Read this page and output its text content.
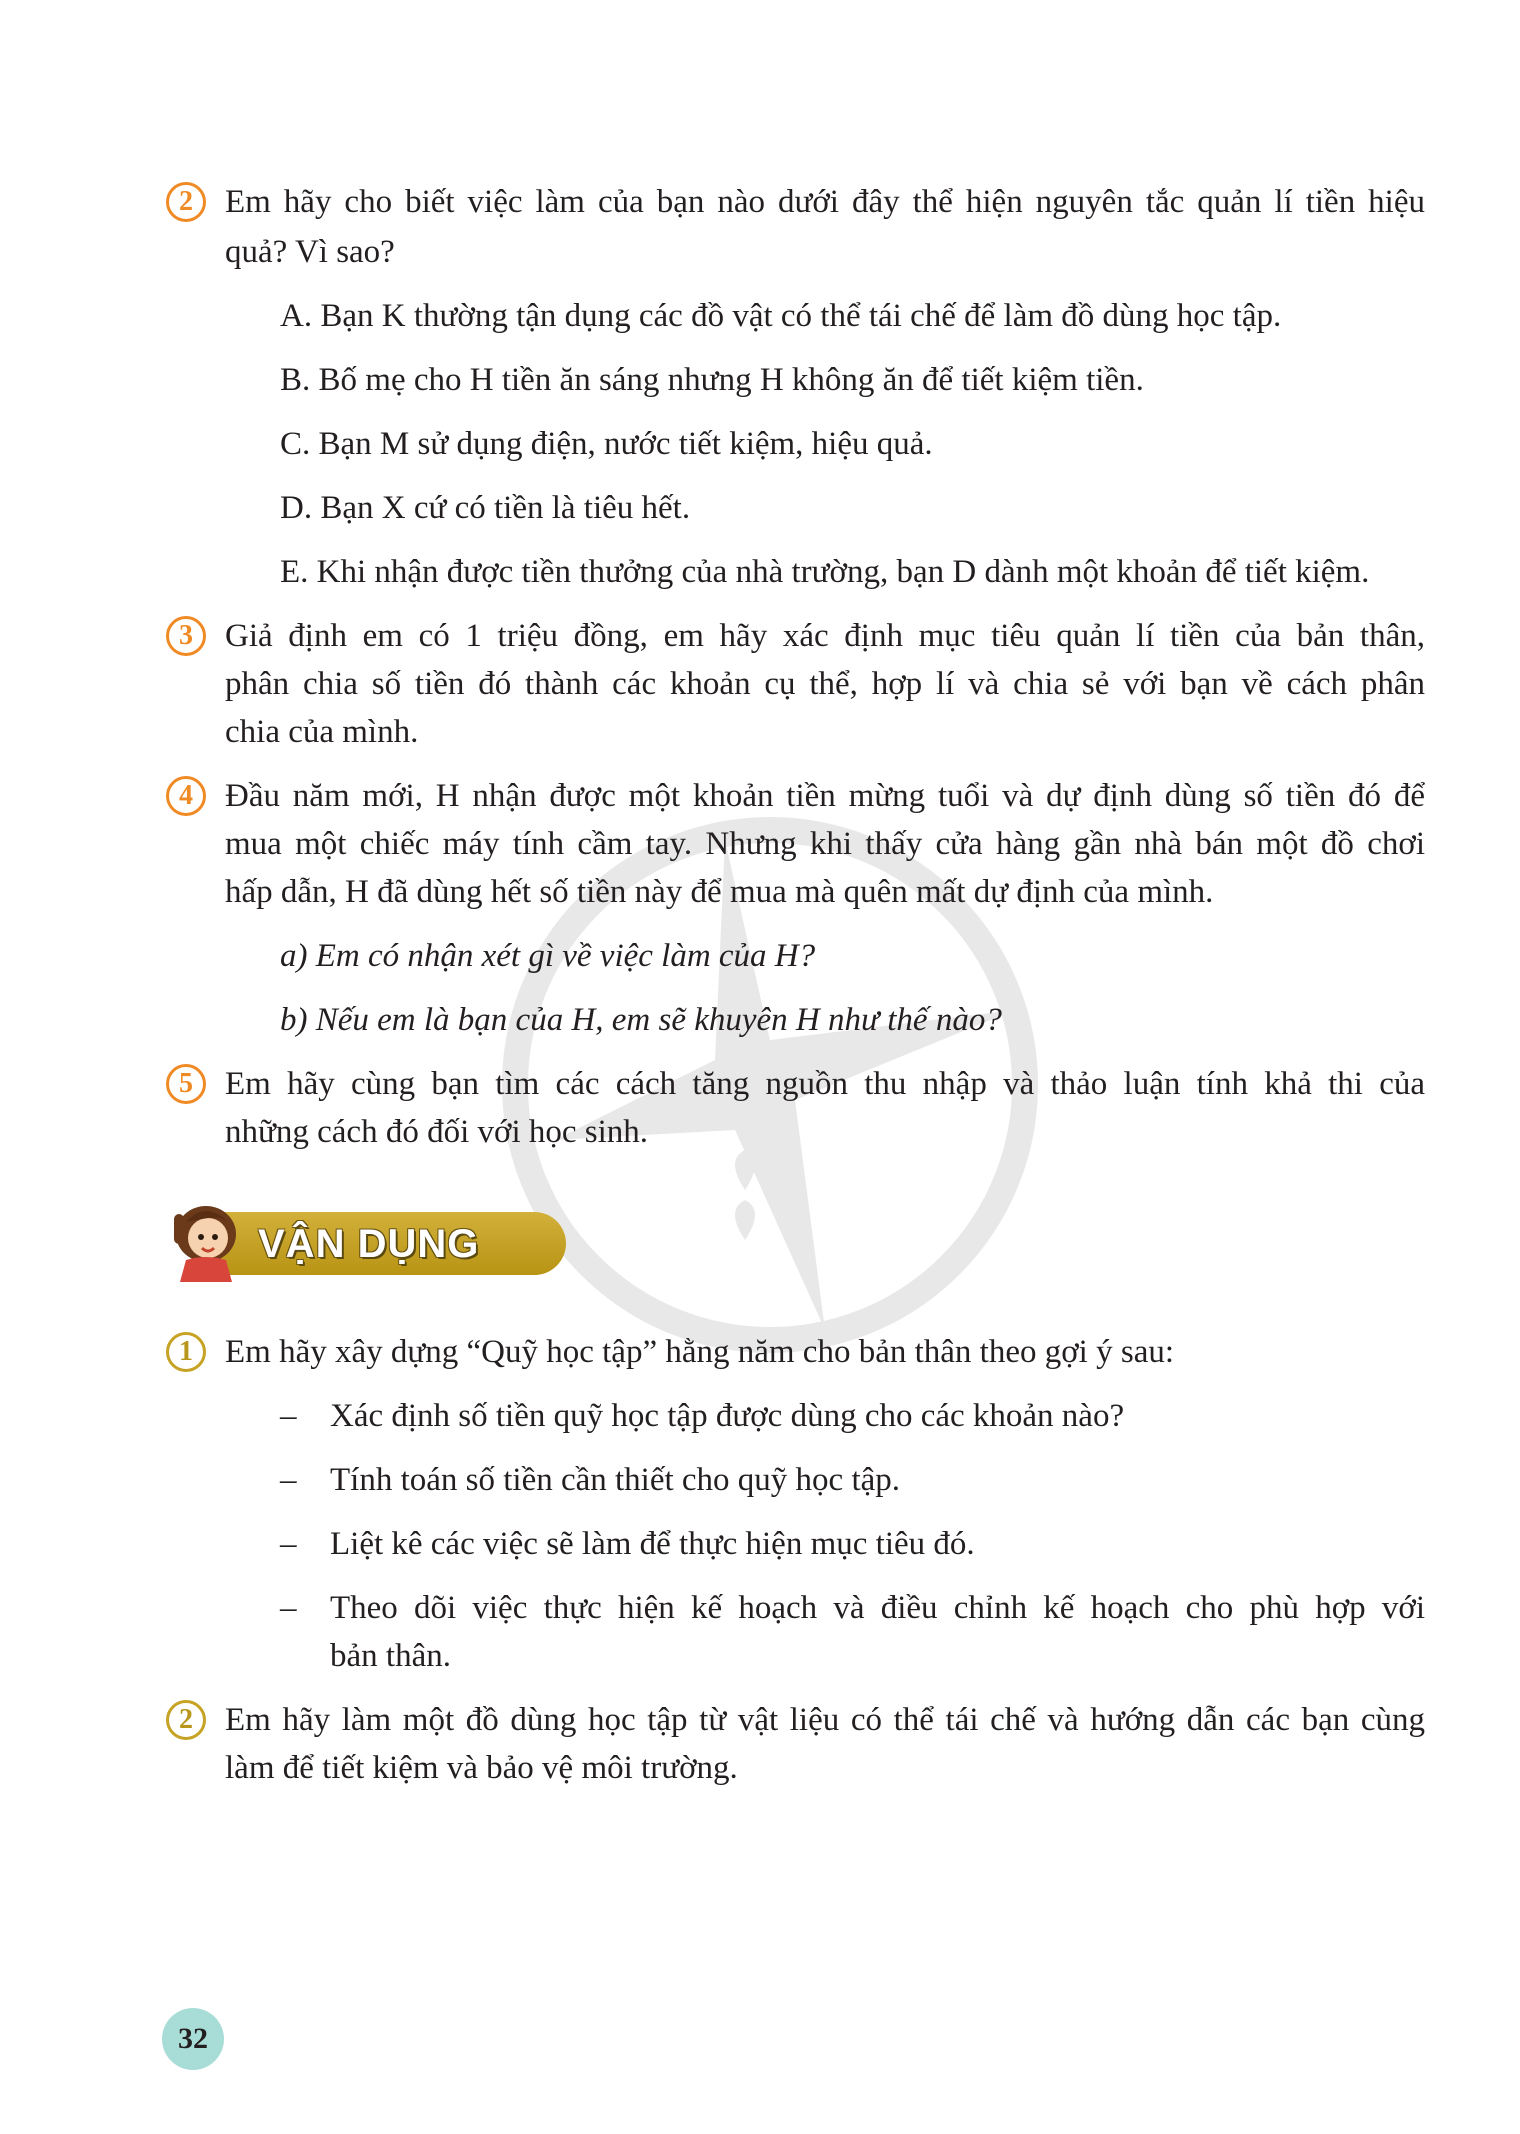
2 Em hãy cho biết việc làm của bạn nào dưới đây thể hiện nguyên tắc quản lí tiền hiệu
quả? Vì sao?
A. Bạn K thường tận dụng các đồ vật có thể tái chế để làm đồ dùng học tập.
B. Bố mẹ cho H tiền ăn sáng nhưng H không ăn để tiết kiệm tiền.
C. Bạn M sử dụng điện, nước tiết kiệm, hiệu quả.
D. Bạn X cứ có tiền là tiêu hết.
E. Khi nhận được tiền thưởng của nhà trường, bạn D dành một khoản để tiết kiệm.
3 Giả định em có 1 triệu đồng, em hãy xác định mục tiêu quản lí tiền của bản thân,
phân chia số tiền đó thành các khoản cụ thể, hợp lí và chia sẻ với bạn về cách phân
chia của mình.
4 Đầu năm mới, H nhận được một khoản tiền mừng tuổi và dự định dùng số tiền đó để
mua một chiếc máy tính cầm tay. Nhưng khi thấy cửa hàng gần nhà bán một đồ chơi
hấp dẫn, H đã dùng hết số tiền này để mua mà quên mất dự định của mình.
a) Em có nhận xét gì về việc làm của H?
b) Nếu em là bạn của H, em sẽ khuyên H như thế nào?
5 Em hãy cùng bạn tìm các cách tăng nguồn thu nhập và thảo luận tính khả thi của
những cách đó đối với học sinh.
VẬN DỤNG
1 Em hãy xây dựng “Quỹ học tập” hằng năm cho bản thân theo gợi ý sau:
– Xác định số tiền quỹ học tập được dùng cho các khoản nào?
– Tính toán số tiền cần thiết cho quỹ học tập.
– Liệt kê các việc sẽ làm để thực hiện mục tiêu đó.
– Theo dõi việc thực hiện kế hoạch và điều chỉnh kế hoạch cho phù hợp với
bản thân.
2 Em hãy làm một đồ dùng học tập từ vật liệu có thể tái chế và hướng dẫn các bạn cùng
làm để tiết kiệm và bảo vệ môi trường.
32
